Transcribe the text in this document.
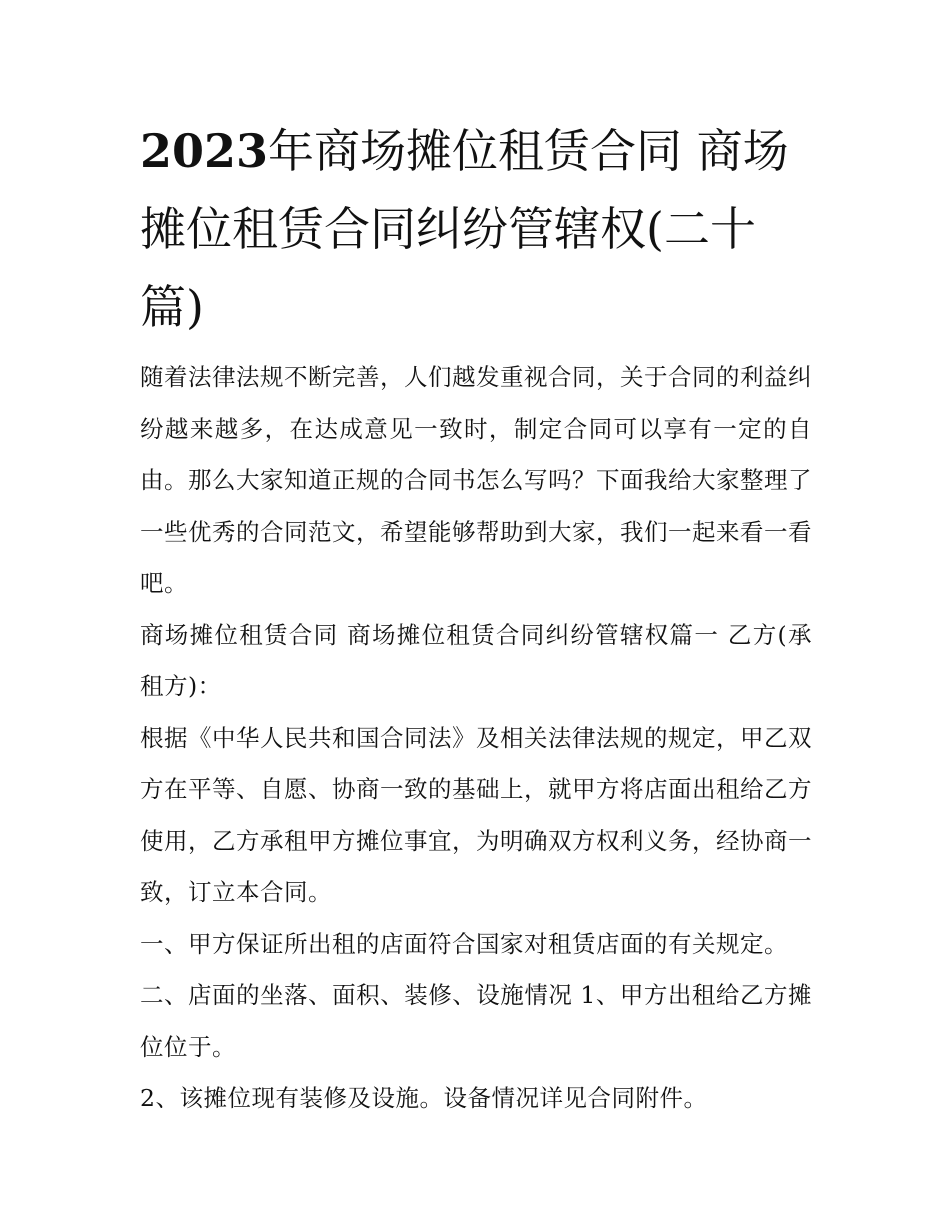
2023年商场摊位租赁合同 商场摊位租赁合同纠纷管辖权(二十篇)

随着法律法规不断完善，人们越发重视合同，关于合同的利益纠纷越来越多，在达成意见一致时，制定合同可以享有一定的自由。那么大家知道正规的合同书怎么写吗？下面我给大家整理了一些优秀的合同范文，希望能够帮助到大家，我们一起来看一看吧。

商场摊位租赁合同 商场摊位租赁合同纠纷管辖权篇一 乙方(承租方)：

根据《中华人民共和国合同法》及相关法律法规的规定，甲乙双方在平等、自愿、协商一致的基础上，就甲方将店面出租给乙方使用，乙方承租甲方摊位事宜，为明确双方权利义务，经协商一致，订立本合同。

一、甲方保证所出租的店面符合国家对租赁店面的有关规定。

二、店面的坐落、面积、装修、设施情况 1、甲方出租给乙方摊位位于。

2、该摊位现有装修及设施。设备情况详见合同附件。
